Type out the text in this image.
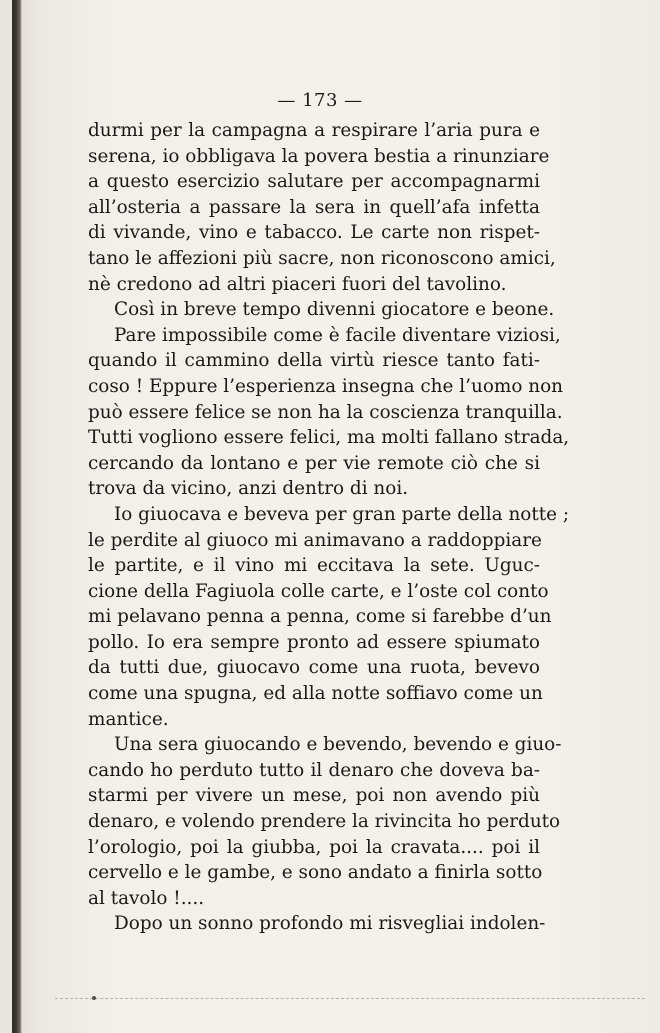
— 173 —
durmi per la campagna a respirare l’aria pura e
serena, io obbligava la povera bestia a rinunziare
a questo esercizio salutare per accompagnarmi
all’osteria a passare la sera in quell’afa infetta
di vivande, vino e tabacco. Le carte non rispet-
tano le affezioni più sacre, non riconoscono amici,
nè credono ad altri piaceri fuori del tavolino.
Così in breve tempo divenni giocatore e beone.
Pare impossibile come è facile diventare viziosi,
quando il cammino della virtù riesce tanto fati-
coso ! Eppure l’esperienza insegna che l’uomo non
può essere felice se non ha la coscienza tranquilla.
Tutti vogliono essere felici, ma molti fallano strada,
cercando da lontano e per vie remote ciò che si
trova da vicino, anzi dentro di noi.
Io giuocava e beveva per gran parte della notte ;
le perdite al giuoco mi animavano a raddoppiare
le partite, e il vino mi eccitava la sete. Uguc-
cione della Fagiuola colle carte, e l’oste col conto
mi pelavano penna a penna, come si farebbe d’un
pollo. Io era sempre pronto ad essere spiumato
da tutti due, giuocavo come una ruota, bevevo
come una spugna, ed alla notte soffiavo come un
mantice.
Una sera giuocando e bevendo, bevendo e giuo-
cando ho perduto tutto il denaro che doveva ba-
starmi per vivere un mese, poi non avendo più
denaro, e volendo prendere la rivincita ho perduto
l’orologio, poi la giubba, poi la cravata.... poi il
cervello e le gambe, e sono andato a finirla sotto
al tavolo !....
Dopo un sonno profondo mi risvegliai indolen-
